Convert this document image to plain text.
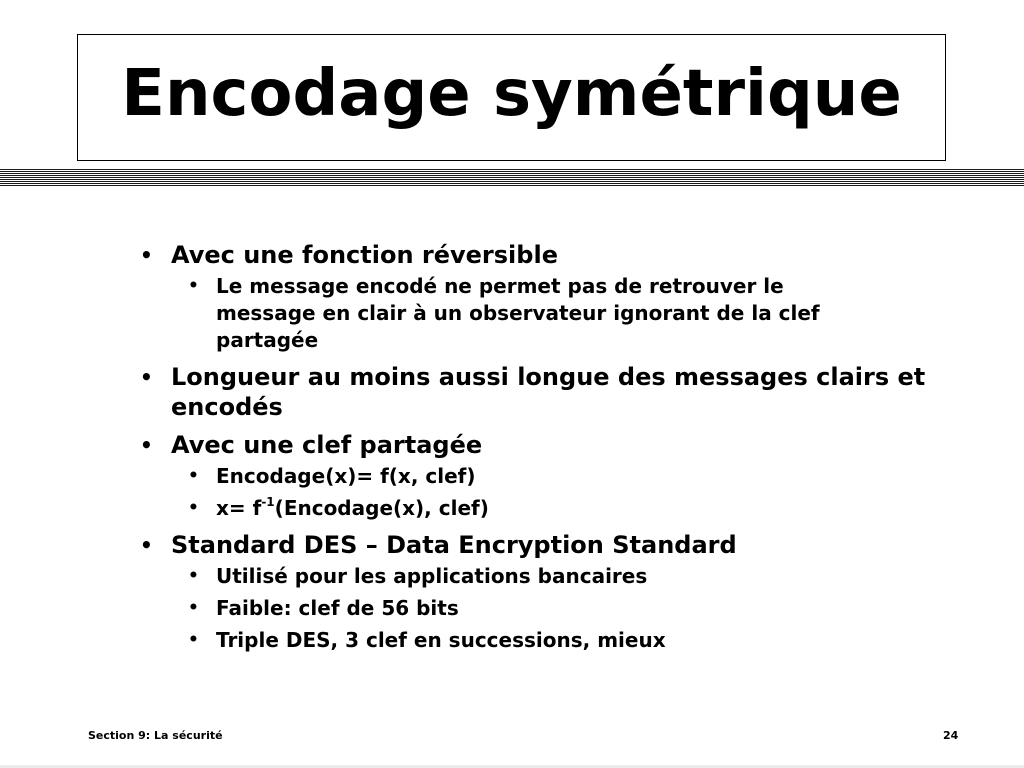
Encodage symétrique
• Avec une fonction réversible
• Le message encodé ne permet pas de retrouver le message en clair à un observateur ignorant de la clef partagée
• Longueur au moins aussi longue des messages clairs et encodés
• Avec une clef partagée
• Encodage(x)= f(x, clef)
• $x= f^{-1}(Encodage(x)$, clef)
• Standard DES – Data Encryption Standard
• Utilisé pour les applications bancaires
• Faible: clef de 56 bits
• Triple DES, 3 clef en successions, mieux
Section 9: La sécurité	24
